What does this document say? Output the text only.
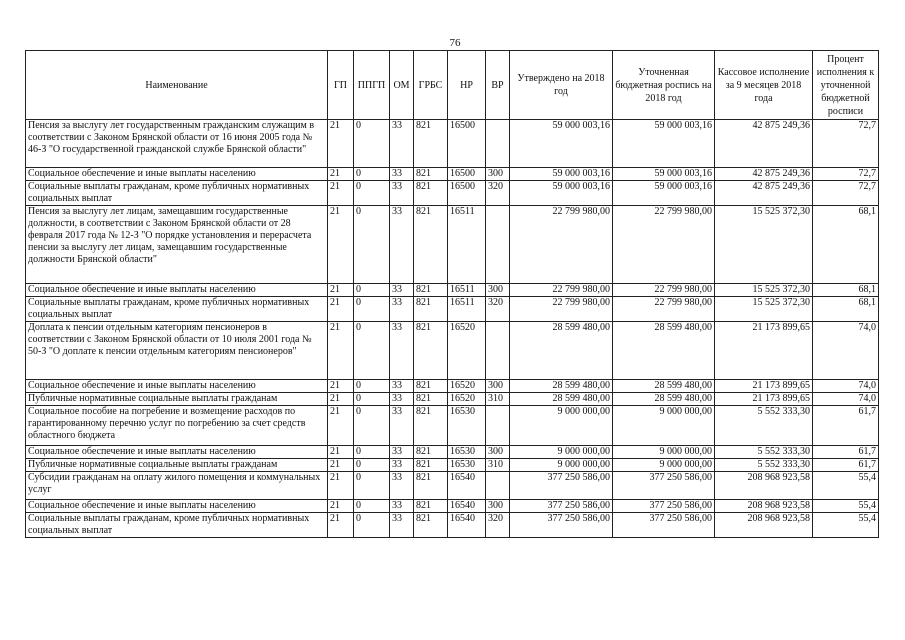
76
Наименование	ГП	ППГП	ОМ	ГРБС	НР	ВР	Утверждено на 2018 год	Уточненная бюджетная роспись на 2018 год	Кассовое исполнение за 9 месяцев 2018 года	Процент исполнения к уточненной бюджетной росписи
Пенсия за выслугу лет государственным гражданским служащим в соответствии с Законом Брянской области от 16 июня 2005 года № 46-З "О государственной гражданской службе Брянской области"	21	0	33	821	16500		59 000 003,16	59 000 003,16	42 875 249,36	72,7
Социальное обеспечение и иные выплаты населению	21	0	33	821	16500	300	59 000 003,16	59 000 003,16	42 875 249,36	72,7
Социальные выплаты гражданам, кроме публичных нормативных социальных выплат	21	0	33	821	16500	320	59 000 003,16	59 000 003,16	42 875 249,36	72,7
Пенсия за выслугу лет лицам, замещавшим государственные должности, в соответствии с Законом Брянской области от 28 февраля 2017 года № 12-З "О порядке установления и перерасчета пенсии за выслугу лет лицам, замещавшим государственные должности Брянской области"	21	0	33	821	16511		22 799 980,00	22 799 980,00	15 525 372,30	68,1
Социальное обеспечение и иные выплаты населению	21	0	33	821	16511	300	22 799 980,00	22 799 980,00	15 525 372,30	68,1
Социальные выплаты гражданам, кроме публичных нормативных социальных выплат	21	0	33	821	16511	320	22 799 980,00	22 799 980,00	15 525 372,30	68,1
Доплата к пенсии отдельным категориям пенсионеров в соответствии с Законом Брянской области от 10 июля 2001 года № 50-З "О доплате к пенсии отдельным категориям пенсионеров"	21	0	33	821	16520		28 599 480,00	28 599 480,00	21 173 899,65	74,0
Социальное обеспечение и иные выплаты населению	21	0	33	821	16520	300	28 599 480,00	28 599 480,00	21 173 899,65	74,0
Публичные нормативные социальные выплаты гражданам	21	0	33	821	16520	310	28 599 480,00	28 599 480,00	21 173 899,65	74,0
Социальное пособие на погребение и возмещение расходов по гарантированному перечню услуг по погребению за счет средств областного бюджета	21	0	33	821	16530		9 000 000,00	9 000 000,00	5 552 333,30	61,7
Социальное обеспечение и иные выплаты населению	21	0	33	821	16530	300	9 000 000,00	9 000 000,00	5 552 333,30	61,7
Публичные нормативные социальные выплаты гражданам	21	0	33	821	16530	310	9 000 000,00	9 000 000,00	5 552 333,30	61,7
Субсидии гражданам на оплату жилого помещения и коммунальных услуг	21	0	33	821	16540		377 250 586,00	377 250 586,00	208 968 923,58	55,4
Социальное обеспечение и иные выплаты населению	21	0	33	821	16540	300	377 250 586,00	377 250 586,00	208 968 923,58	55,4
Социальные выплаты гражданам, кроме публичных нормативных социальных выплат	21	0	33	821	16540	320	377 250 586,00	377 250 586,00	208 968 923,58	55,4
